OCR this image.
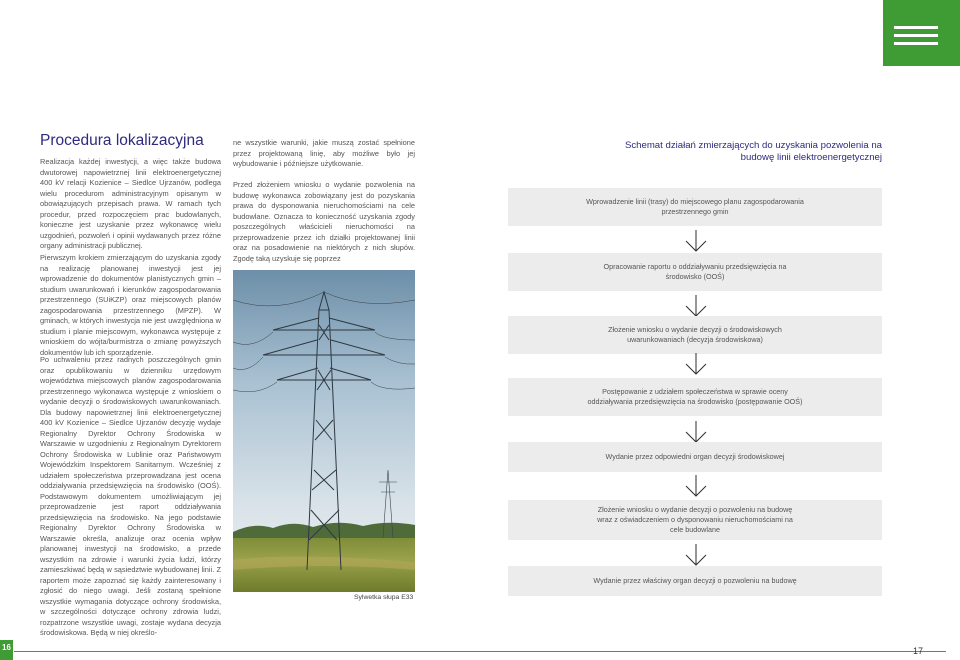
Procedura lokalizacyjna

Realizacja każdej inwestycji, a więc także budowa dwutorowej napowietrznej linii elektroenergetycznej 400 kV relacji Kozienice – Siedlce Ujrzanów, podlega wielu procedurom administracyjnym opisanym w obowiązujących przepisach prawa. W ramach tych procedur, przed rozpoczęciem prac budowlanych, konieczne jest uzyskanie przez wykonawcę wielu uzgodnień, pozwoleń i opinii wydawanych przez różne organy administracji publicznej.

Pierwszym krokiem zmierzającym do uzyskania zgody na realizację planowanej inwestycji jest jej wprowadzenie do dokumentów planistycznych gmin – studium uwarunkowań i kierunków zagospodarowania przestrzennego (SUiKZP) oraz miejscowych planów zagospodarowania przestrzennego (MPZP). W gminach, w których inwestycja nie jest uwzględniona w studium i planie miejscowym, wykonawca występuje z wnioskiem do wójta/burmistrza o zmianę powyższych dokumentów lub ich sporządzenie.

Po uchwaleniu przez radnych poszczególnych gmin oraz opublikowaniu w dzienniku urzędowym województwa miejscowych planów zagospodarowania przestrzennego wykonawca występuje z wnioskiem o wydanie decyzji o środowiskowych uwarunkowaniach. Dla budowy napowietrznej linii elektroenergetycznej 400 kV Kozienice – Siedlce Ujrzanów decyzję wydaje Regionalny Dyrektor Ochrony Środowiska w Warszawie w uzgodnieniu z Regionalnym Dyrektorem Ochrony Środowiska w Lublinie oraz Państwowym Wojewódzkim Inspektorem Sanitarnym. Wcześniej z udziałem społeczeństwa przeprowadzana jest ocena oddziaływania przedsięwzięcia na środowisko (OOŚ). Podstawowym dokumentem umożliwiającym jej przeprowadzenie jest raport oddziaływania przedsięwzięcia na środowisko. Na jego podstawie Regionalny Dyrektor Ochrony Środowiska w Warszawie określa, analizuje oraz ocenia wpływ planowanej inwestycji na środowisko, a przede wszystkim na zdrowie i warunki życia ludzi, którzy zamieszkiwać będą w sąsiedztwie wybudowanej linii. Z raportem może zapoznać się każdy zainteresowany i zgłosić do niego uwagi. Jeśli zostaną spełnione wszystkie wymagania dotyczące ochrony środowiska, w szczególności dotyczące ochrony zdrowia ludzi, rozpatrzone wszystkie uwagi, zostaje wydana decyzja środowiskowa. Będą w niej określo-

ne wszystkie warunki, jakie muszą zostać spełnione przez projektowaną linię, aby możliwe było jej wybudowanie i późniejsze użytkowanie.

Przed złożeniem wniosku o wydanie pozwolenia na budowę wykonawca zobowiązany jest do pozyskania prawa do dysponowania nieruchomościami na cele budowlane. Oznacza to konieczność uzyskania zgody poszczególnych właścicieli nieruchomości na przeprowadzenie przez ich działki projektowanej linii oraz na posadowienie na niektórych z nich słupów. Zgodę taką uzyskuje się poprzez

Sylwetka słupa E33
Schemat działań zmierzających do uzyskania pozwolenia na budowę linii elektroenergetycznej
Wprowadzenie linii (trasy) do miejscowego planu zagospodarowania przestrzennego gmin
Opracowanie raportu o oddziaływaniu przedsięwzięcia na środowisko (OOŚ)
Złożenie wniosku o wydanie decyzji o środowiskowych uwarunkowaniach (decyzja środowiskowa)
Postępowanie z udziałem społeczeństwa w sprawie oceny oddziaływania przedsięwzięcia na środowisko (postępowanie OOŚ)
Wydanie przez odpowiedni organ decyzji środowiskowej
Złożenie wniosku o wydanie decyzji o pozwoleniu na budowę wraz z oświadczeniem o dysponowaniu nieruchomościami na cele budowlane
Wydanie przez właściwy organ decyzji o pozwoleniu na budowę
16	17
